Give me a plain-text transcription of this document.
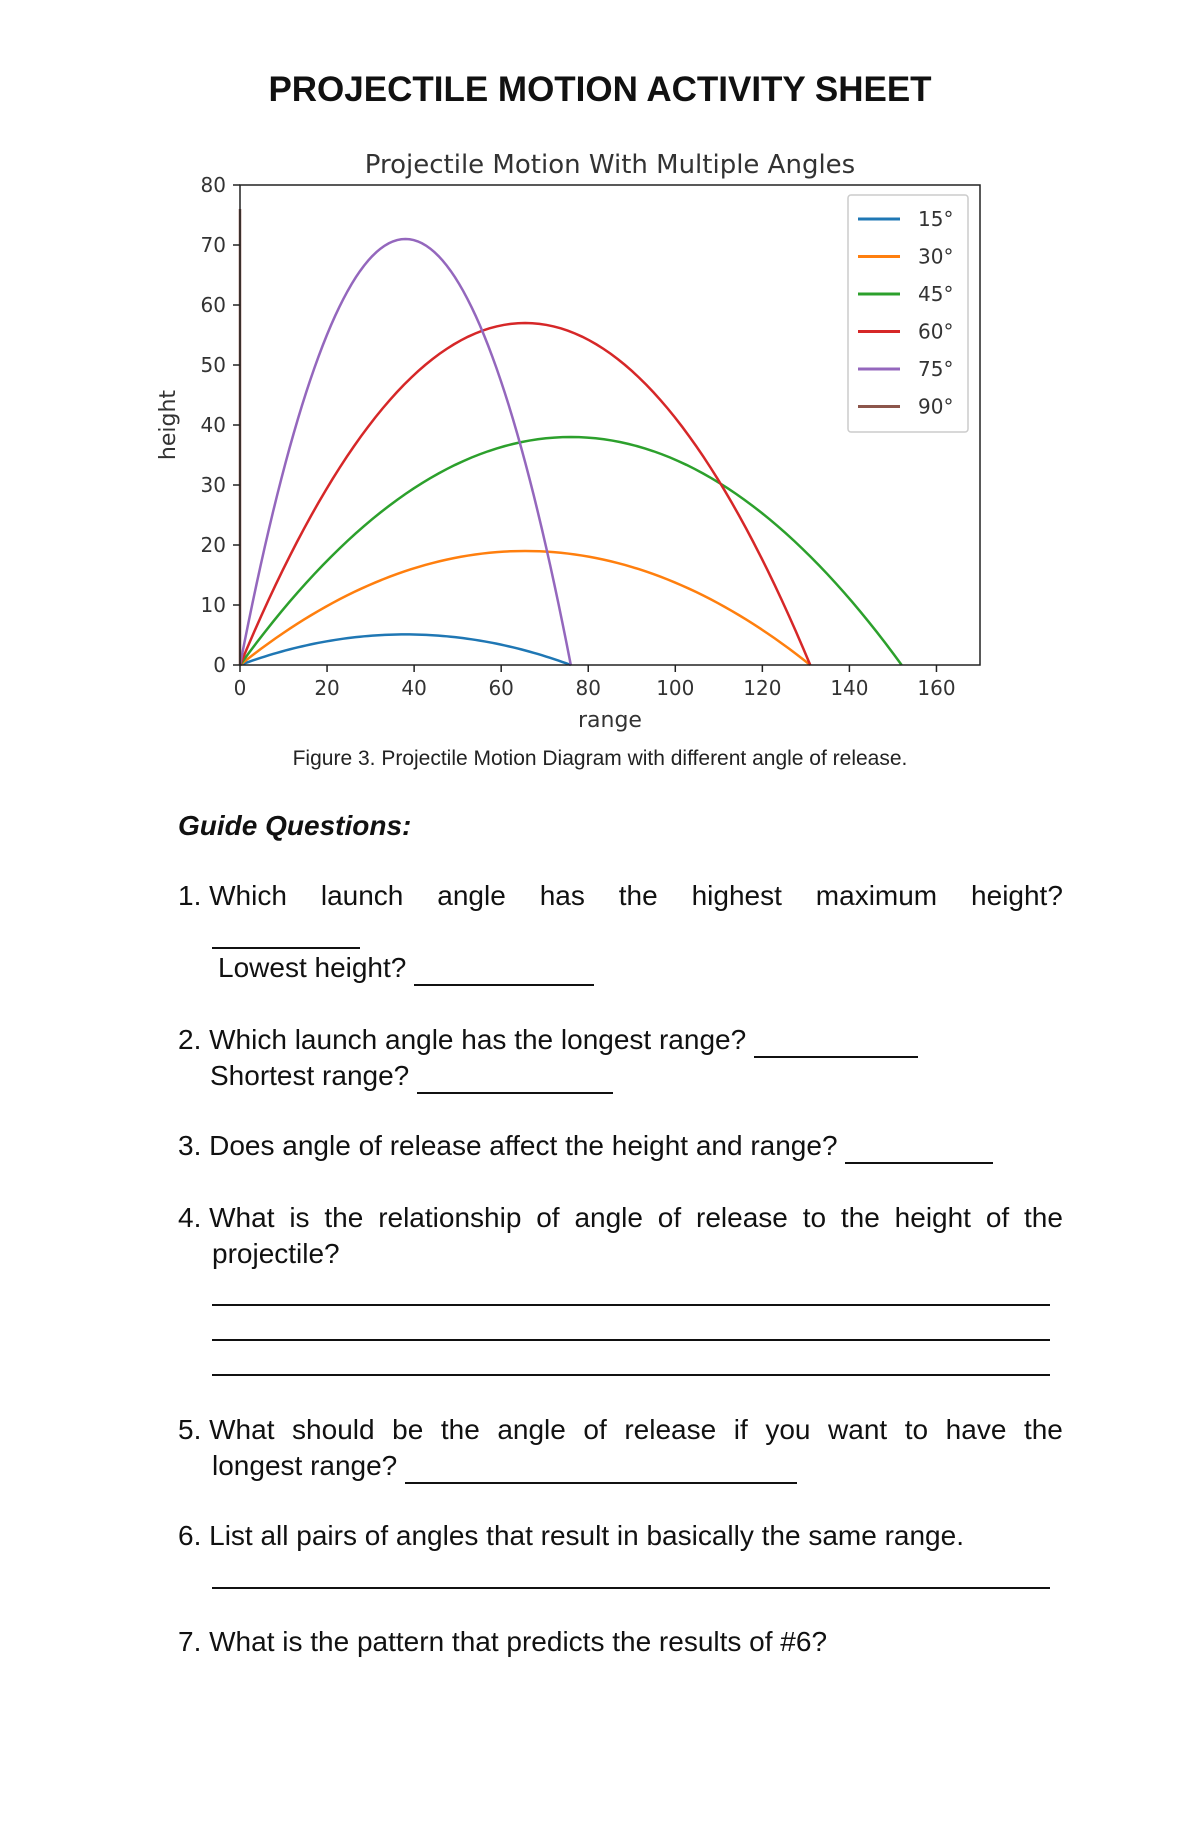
PROJECTILE MOTION ACTIVITY SHEET
Projectile Motion With Multiple Angles
0	20	40	60	80	100 120 140 160
0
10
20
30
40
50
60
70
80
range
height
15°
30°
45°
60°
75°
90°
Figure 3. Projectile Motion Diagram with different angle of release.
Guide Questions:
1. Which launch angle has the highest maximum height?
Lowest height?
2. Which launch angle has the longest range?
Shortest range?
3. Does angle of release affect the height and range?
4. What is the relationship of angle of release to the height of the
projectile?
5. What should be the angle of release if you want to have the
longest range?
6. List all pairs of angles that result in basically the same range.
7. What is the pattern that predicts the results of #6?
